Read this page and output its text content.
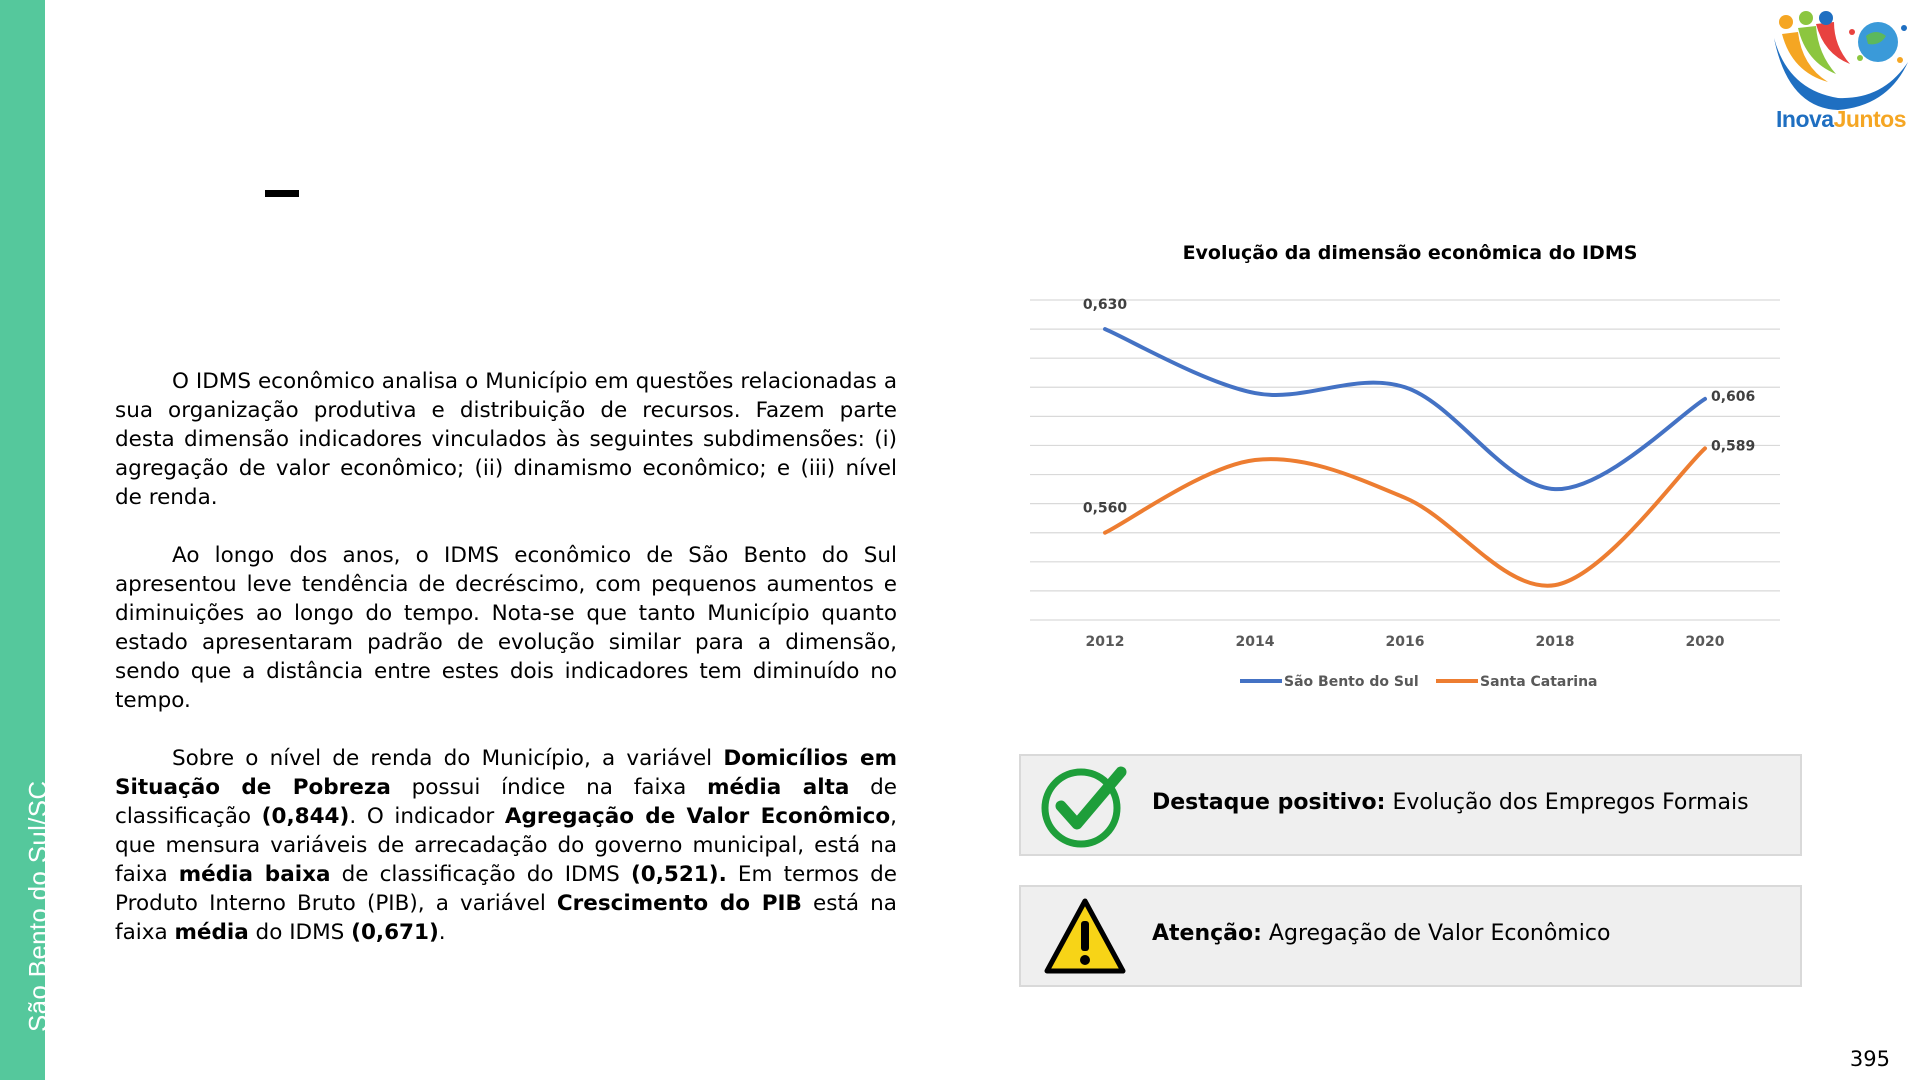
São Bento do Sul/SC
InovaJuntos

O IDMS econômico analisa o Município em questões relacionadas a sua organização produtiva e distribuição de recursos. Fazem parte desta dimensão indicadores vinculados às seguintes subdimensões: (i) agregação de valor econômico; (ii) dinamismo econômico; e (iii) nível de renda.

Ao longo dos anos, o IDMS econômico de São Bento do Sul apresentou leve tendência de decréscimo, com pequenos aumentos e diminuições ao longo do tempo. Nota-se que tanto Município quanto estado apresentaram padrão de evolução similar para a dimensão, sendo que a distância entre estes dois indicadores tem diminuído no tempo.

Sobre o nível de renda do Município, a variável Domicílios em Situação de Pobreza possui índice na faixa média alta de classificação (0,844). O indicador Agregação de Valor Econômico, que mensura variáveis de arrecadação do governo municipal, está na faixa média baixa de classificação do IDMS (0,521). Em termos de Produto Interno Bruto (PIB), a variável Crescimento do PIB está na faixa média do IDMS (0,671).

Evolução da dimensão econômica do IDMS
2012	2014	2016	2018	2020
0,630
0,606
0,560
0,589
São Bento do Sul	Santa Catarina
Destaque positivo: Evolução dos Empregos Formais
Atenção: Agregação de Valor Econômico
395
